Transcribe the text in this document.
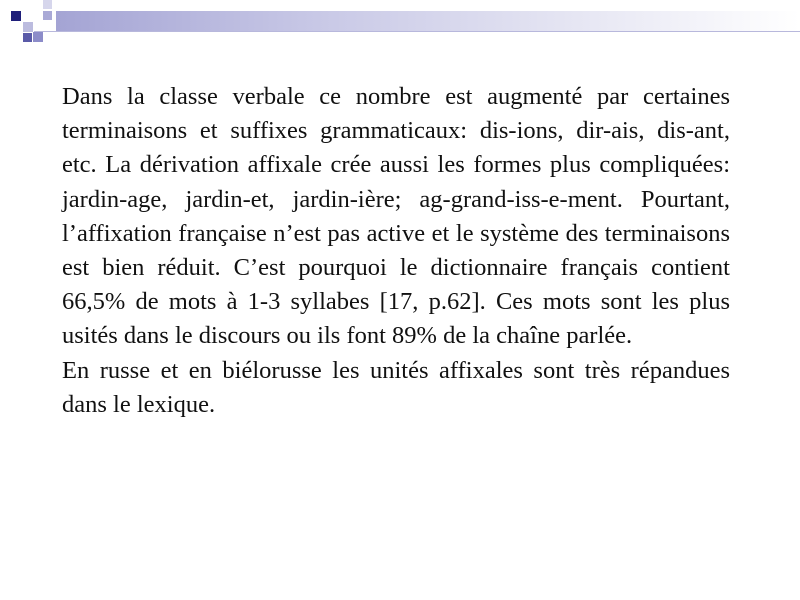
Dans la classe verbale ce nombre est augmenté par certaines terminaisons et suffixes grammaticaux: dis-ions, dir-ais, dis-ant, etc. La dérivation affixale crée aussi les formes plus compliquées: jardin-age, jardin-et, jardin-ière; ag-grand-iss-e-ment. Pourtant, l’affixation française n’est pas active et le système des terminaisons est bien réduit. C’est pourquoi le dictionnaire français contient 66,5% de mots à 1-3 syllabes [17, p.62]. Ces mots sont les plus usités dans le discours ou ils font 89% de la chaîne parlée.

En russe et en biélorusse les unités affixales sont très répandues dans le lexique.
